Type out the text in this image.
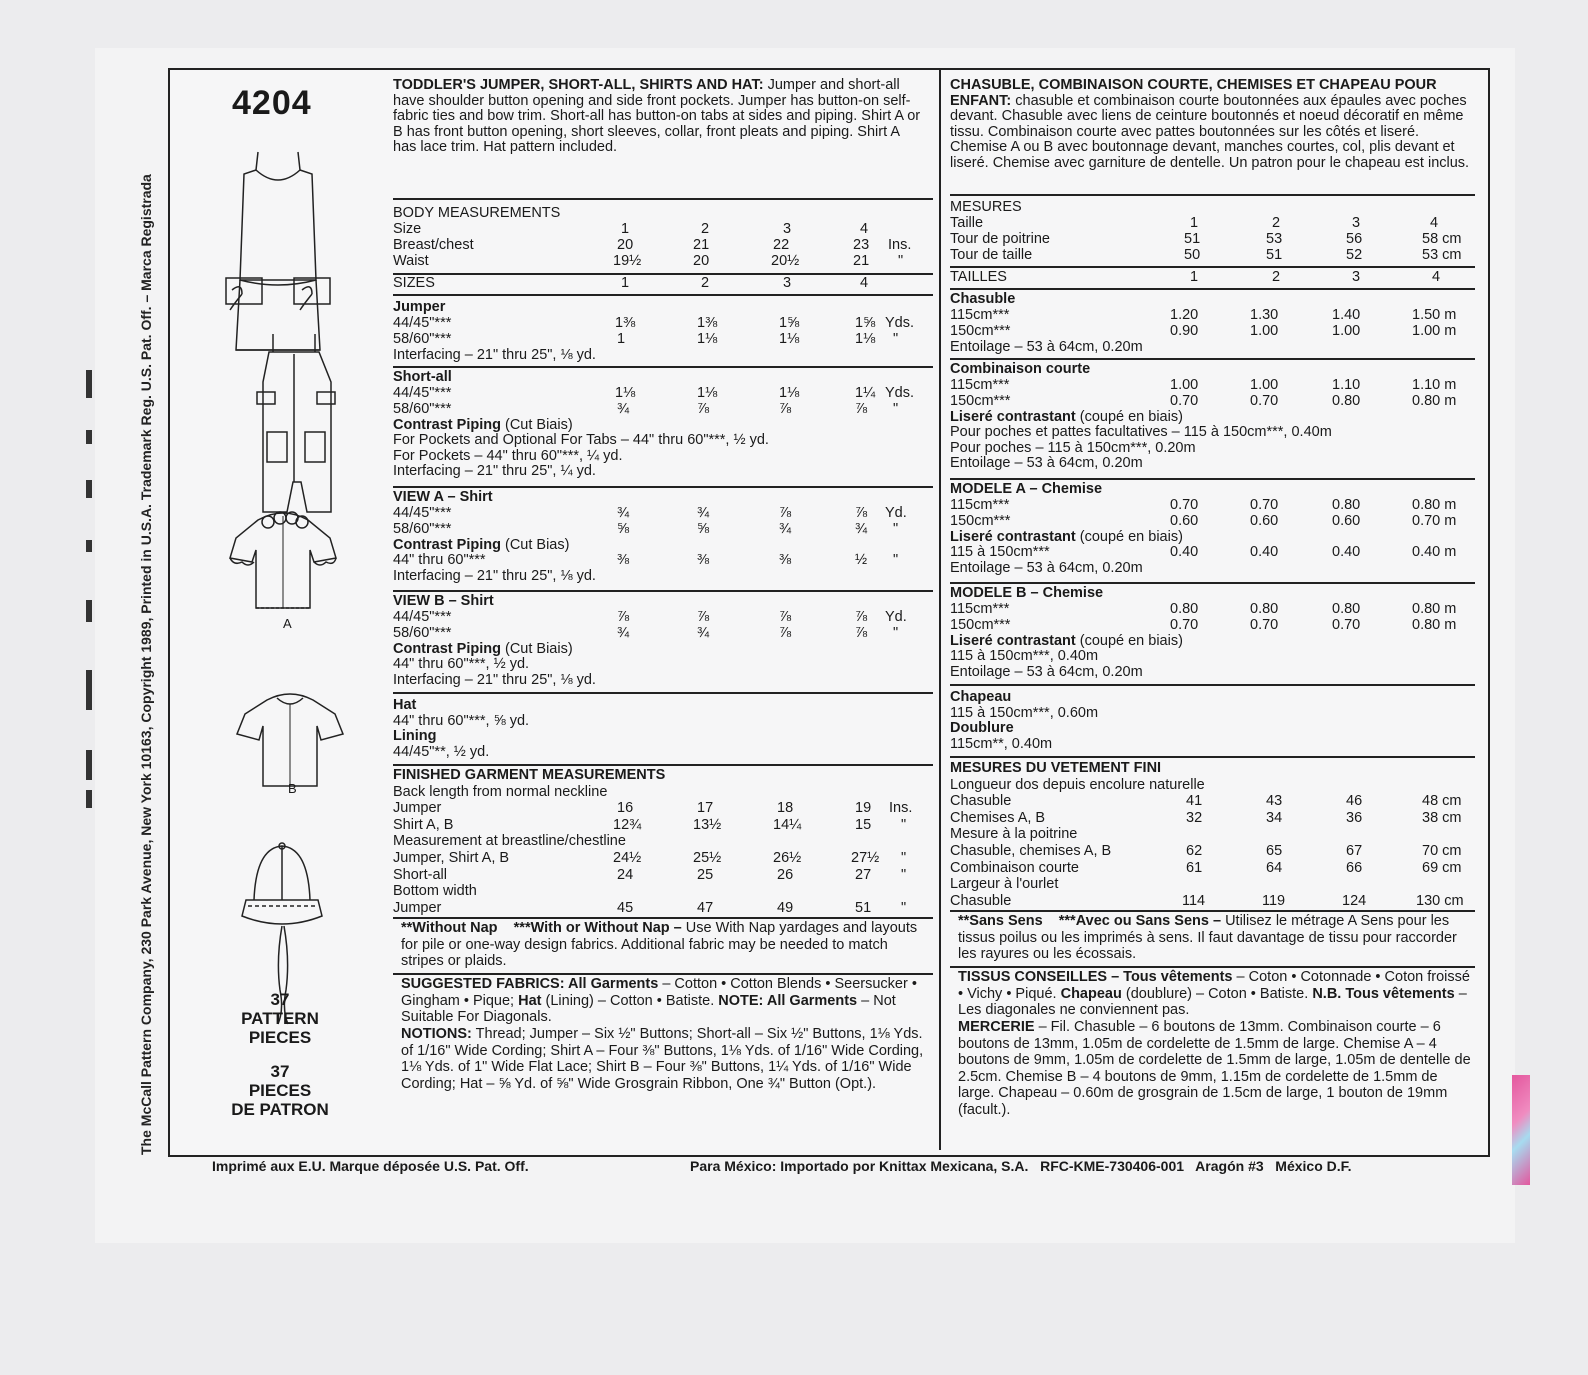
The McCall Pattern Company, 230 Park Avenue, New York 10163, Copyright 1989, Printed in U.S.A. Trademark Reg. U.S. Pat. Off. – Marca Registrada
4204
A
B
37
PATTERN
PIECES
37
PIECES
DE PATRON
TODDLER'S JUMPER, SHORT-ALL, SHIRTS AND HAT: Jumper and short-all have shoulder button opening and side front pockets. Jumper has button-on self-fabric ties and bow trim. Short-all has button-on tabs at sides and piping. Shirt A or B has front button opening, short sleeves, collar, front pleats and piping. Shirt A has lace trim. Hat pattern included.
BODY MEASUREMENTS
Size	1	2	3	4
Breast/chest	20	21	22	23 Ins.
Waist	19½	20	20½	21 "
SIZES	1	2	3	4
Jumper
44/45"***	1⅜	1⅜	1⅝	1⅝ Yds.
58/60"***	1	1⅛	1⅛	1⅛ "
Interfacing – 21" thru 25", ⅛ yd.
Short-all
44/45"***	1⅛	1⅛	1⅛	1¼ Yds.
58/60"***	¾	⅞	⅞	⅞ "
Contrast Piping (Cut Biais)
For Pockets and Optional For Tabs – 44" thru 60"***, ½ yd.
For Pockets – 44" thru 60"***, ¼ yd.
Interfacing – 21" thru 25", ¼ yd.
VIEW A – Shirt
44/45"***	¾	¾	⅞	⅞ Yd.
58/60"***	⅝	⅝	¾	¾ "
Contrast Piping (Cut Bias)
44" thru 60"***	⅜	⅜	⅜	½ "
Interfacing – 21" thru 25", ⅛ yd.
VIEW B – Shirt
44/45"***	⅞	⅞	⅞	⅞ Yd.
58/60"***	¾	¾	⅞	⅞ "
Contrast Piping (Cut Biais)
44" thru 60"***, ½ yd.
Interfacing – 21" thru 25", ⅛ yd.
Hat
44" thru 60"***, ⅝ yd.
Lining
44/45"**, ½ yd.
FINISHED GARMENT MEASUREMENTS
Back length from normal neckline
Jumper	16	17	18	19 Ins.
Shirt A, B	12¾	13½	14¼	15 "
Measurement at breastline/chestline
Jumper, Shirt A, B	24½	25½	26½	27½ "
Short-all	24	25	26	27 "
Bottom width
Jumper	45	47	49	51 "
**Without Nap ***With or Without Nap – Use With Nap yardages and layouts for pile or one-way design fabrics. Additional fabric may be needed to match stripes or plaids.
SUGGESTED FABRICS: All Garments – Cotton • Cotton Blends • Seersucker • Gingham • Pique; Hat (Lining) – Cotton • Batiste. NOTE: All Garments – Not Suitable For Diagonals.
NOTIONS: Thread; Jumper – Six ½" Buttons; Short-all – Six ½" Buttons, 1⅛ Yds. of 1/16" Wide Cording; Shirt A – Four ⅜" Buttons, 1⅛ Yds. of 1/16" Wide Cording, 1⅛ Yds. of 1" Wide Flat Lace; Shirt B – Four ⅜" Buttons, 1¼ Yds. of 1/16" Wide Cording; Hat – ⅝ Yd. of ⅝" Wide Grosgrain Ribbon, One ¾" Button (Opt.).
CHASUBLE, COMBINAISON COURTE, CHEMISES ET CHAPEAU POUR ENFANT: chasuble et combinaison courte boutonnées aux épaules avec poches devant. Chasuble avec liens de ceinture boutonnés et noeud décoratif en même tissu. Combinaison courte avec pattes boutonnées sur les côtés et liseré. Chemise A ou B avec boutonnage devant, manches courtes, col, plis devant et liseré. Chemise avec garniture de dentelle. Un patron pour le chapeau est inclus.
MESURES
Taille	1	2	3	4
Tour de poitrine	51	53	56	58 cm
Tour de taille	50	51	52	53 cm
TAILLES	1	2	3	4
Chasuble
115cm***	1.20	1.30	1.40	1.50 m
150cm***	0.90	1.00	1.00	1.00 m
Entoilage – 53 à 64cm, 0.20m
Combinaison courte
115cm***	1.00	1.00	1.10	1.10 m
150cm***	0.70	0.70	0.80	0.80 m
Liseré contrastant (coupé en biais)
Pour poches et pattes facultatives – 115 à 150cm***, 0.40m
Pour poches – 115 à 150cm***, 0.20m
Entoilage – 53 à 64cm, 0.20m
MODELE A – Chemise
115cm***	0.70	0.70	0.80	0.80 m
150cm***	0.60	0.60	0.60	0.70 m
Liseré contrastant (coupé en biais)
115 à 150cm***	0.40	0.40	0.40	0.40 m
Entoilage – 53 à 64cm, 0.20m
MODELE B – Chemise
115cm***	0.80	0.80	0.80	0.80 m
150cm***	0.70	0.70	0.70	0.80 m
Liseré contrastant (coupé en biais)
115 à 150cm***, 0.40m
Entoilage – 53 à 64cm, 0.20m
Chapeau
115 à 150cm***, 0.60m
Doublure
115cm**, 0.40m
MESURES DU VETEMENT FINI
Longueur dos depuis encolure naturelle
Chasuble	41	43	46	48 cm
Chemises A, B	32	34	36	38 cm
Mesure à la poitrine
Chasuble, chemises A, B	62	65	67	70 cm
Combinaison courte	61	64	66	69 cm
Largeur à l'ourlet
Chasuble	114	119	124	130 cm
**Sans Sens ***Avec ou Sans Sens – Utilisez le métrage A Sens pour les tissus poilus ou les imprimés à sens. Il faut davantage de tissu pour raccorder les rayures ou les écossais.
TISSUS CONSEILLES – Tous vêtements – Coton • Cotonnade • Coton froissé • Vichy • Piqué. Chapeau (doublure) – Coton • Batiste. N.B. Tous vêtements – Les diagonales ne conviennent pas.
MERCERIE – Fil. Chasuble – 6 boutons de 13mm. Combinaison courte – 6 boutons de 13mm, 1.05m de cordelette de 1.5mm de large. Chemise A – 4 boutons de 9mm, 1.05m de cordelette de 1.5mm de large, 1.05m de dentelle de 2.5cm. Chemise B – 4 boutons de 9mm, 1.15m de cordelette de 1.5mm de large. Chapeau – 0.60m de grosgrain de 1.5cm de large, 1 bouton de 19mm (facult.).
Imprimé aux E.U. Marque déposée U.S. Pat. Off.	Para México: Importado por Knittax Mexicana, S.A.   RFC-KME-730406-001   Aragón #3   México D.F.
